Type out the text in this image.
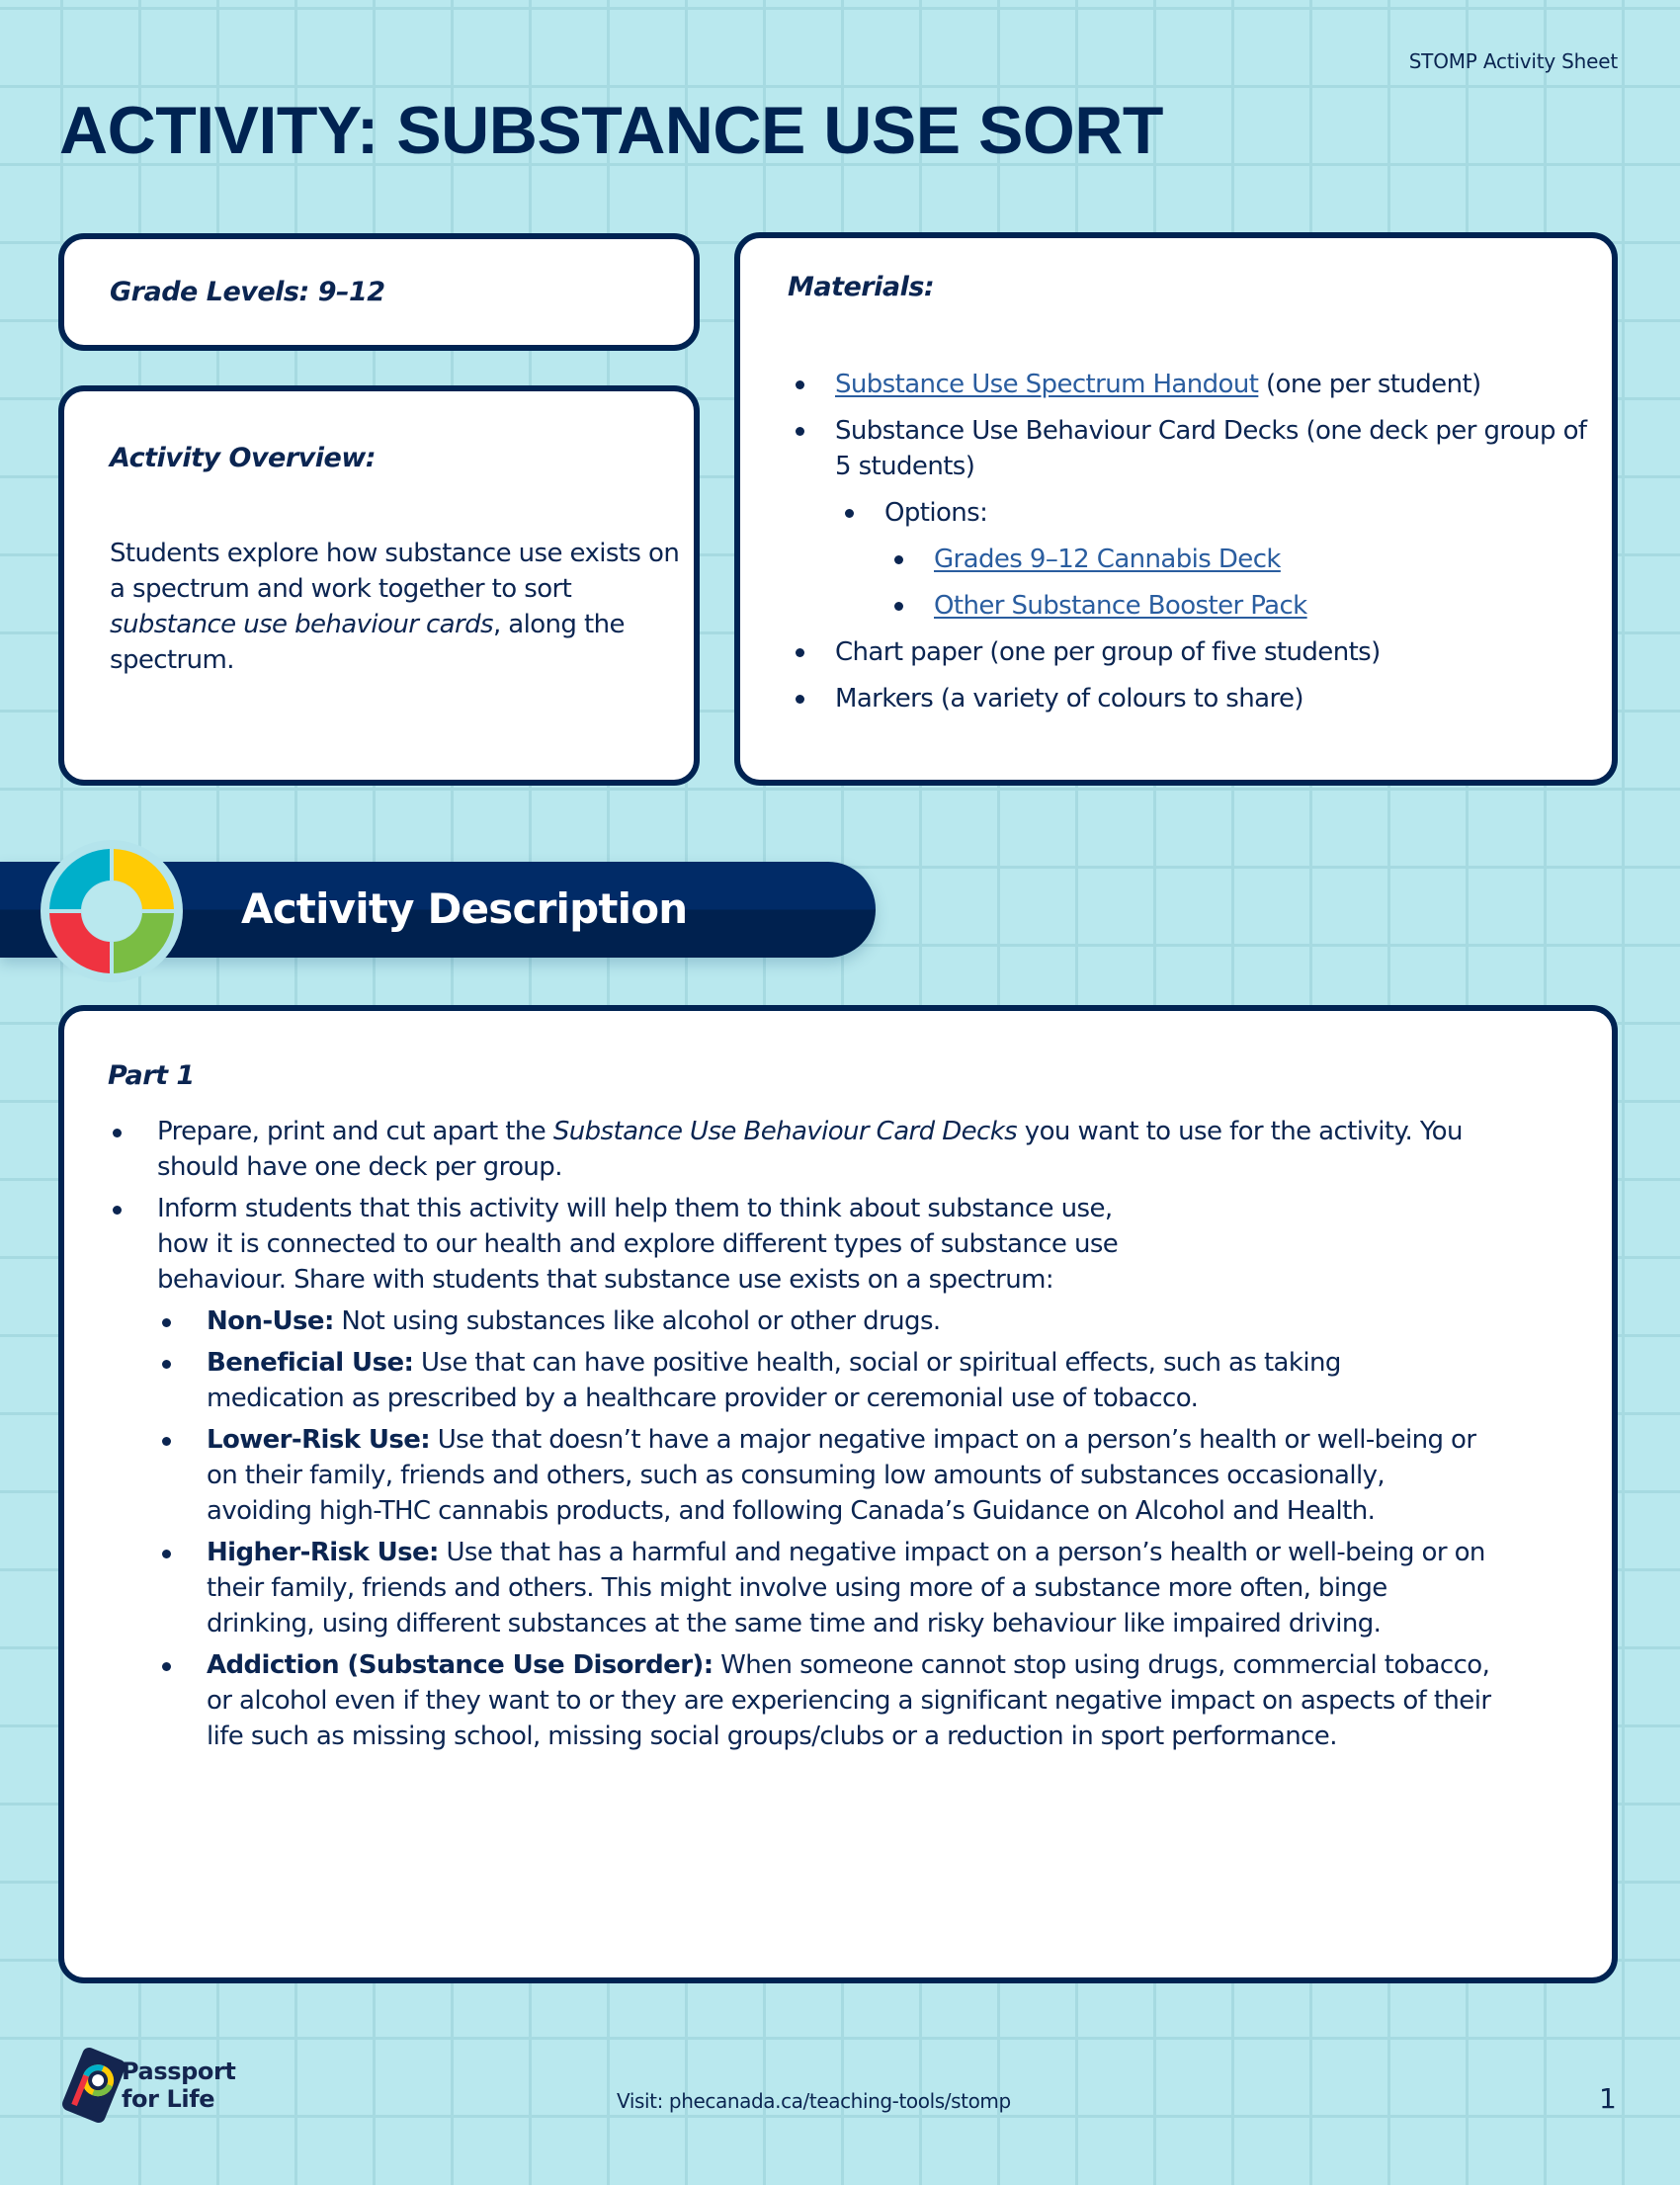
STOMP Activity Sheet
ACTIVITY: SUBSTANCE USE SORT
Grade Levels: 9–12
Activity Overview:

Students explore how substance use exists on a spectrum and work together to sort substance use behaviour cards, along the spectrum.

Materials:
Substance Use Spectrum Handout (one per student)
Substance Use Behaviour Card Decks (one deck per group of 5 students)
Options:
Grades 9–12 Cannabis Deck
Other Substance Booster Pack
Chart paper (one per group of five students)
Markers (a variety of colours to share)
Activity Description
Part 1
Prepare, print and cut apart the Substance Use Behaviour Card Decks you want to use for the activity. You should have one deck per group.
Inform students that this activity will help them to think about substance use, how it is connected to our health and explore different types of substance use behaviour. Share with students that substance use exists on a spectrum:
Non-Use: Not using substances like alcohol or other drugs.
Beneficial Use: Use that can have positive health, social or spiritual effects, such as taking medication as prescribed by a healthcare provider or ceremonial use of tobacco.
Lower-Risk Use: Use that doesn’t have a major negative impact on a person’s health or well-being or on their family, friends and others, such as consuming low amounts of substances occasionally, avoiding high-THC cannabis products, and following Canada’s Guidance on Alcohol and Health.
Higher-Risk Use: Use that has a harmful and negative impact on a person’s health or well-being or on their family, friends and others. This might involve using more of a substance more often, binge drinking, using different substances at the same time and risky behaviour like impaired driving.
Addiction (Substance Use Disorder): When someone cannot stop using drugs, commercial tobacco, or alcohol even if they want to or they are experiencing a significant negative impact on aspects of their life such as missing school, missing social groups/clubs or a reduction in sport performance.
Passport
for Life	Visit: phecanada.ca/teaching-tools/stomp	1
